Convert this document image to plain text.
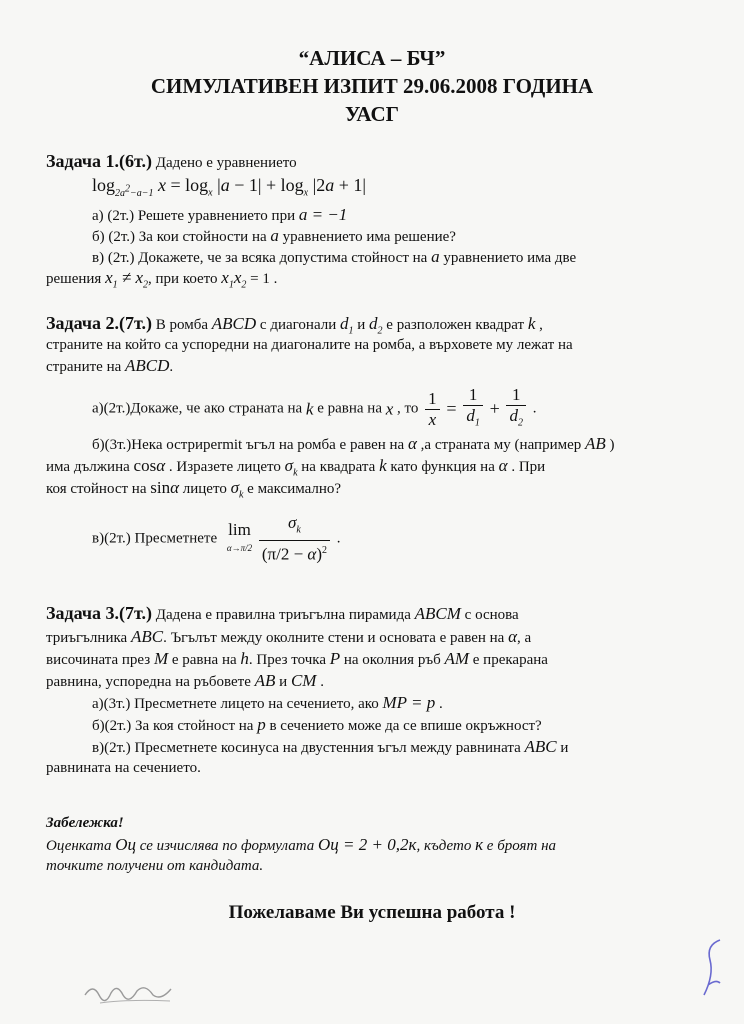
“АЛИСА – БЧ”
СИМУЛАТИВЕН ИЗПИТ 29.06.2008 ГОДИНА
УАСГ
Задача 1.(6т.) Дадено е уравнението
$\log_{2a^2-a-1} x = \log_x |a - 1| + \log_x |2a + 1|$
а) (2т.) Решете уравнението при a = −1
б) (2т.) За кои стойности на a уравнението има решение?
в) (2т.) Докажете, че за всяка допустима стойност на a уравнението има две
решения $x_1 \ne x_2$, при което $x_1x_2 = 1$ .
Задача 2.(7т.) В ромба ABCD с диагонали $d_1$ и $d_2$ е разположен квадрат k ,
страните на който са успоредни на диагоналите на ромба, а върховете му лежат на
страните на ABCD.
а)(2т.)Докаже, че ако страната на k е равна на x , то $\frac{1}{x} = \frac{1}{d_1} + \frac{1}{d_2}$ .
б)(3т.)Нека остриpermit ъгъл на ромба е равен на α ,а страната му (например AB )
има дължина cosα . Изразете лицето $\sigma_k$ на квадрата k като функция на α . При
коя стойност на sinα лицето $\sigma_k$ е максимално?
в)(2т.) Пресметнете lim
α→π/2
$\frac{\sigma_k}{(\pi/2 - \alpha)^2}$ .
Задача 3.(7т.) Дадена е правилна триъгълна пирамида ABCM с основа
триъгълника ABC. Ъгълът между околните стени и основата е равен на α, а
височината през M е равна на h. През точка P на околния ръб AM е прекарана
равнина, успоредна на ръбовете AB и CM .
а)(3т.) Пресметнете лицето на сечението, ако MP = p .
б)(2т.) За коя стойност на p в сечението може да се впише окръжност?
в)(2т.) Пресметнете косинуса на двустенния ъгъл между равнината ABC и
равнината на сечението.
Забележка!
Оценката Оц се изчислява по формулата Оц = 2 + 0,2к, където к е броят на
точките получени от кандидата.
Пожелаваме Ви успешна работа !
